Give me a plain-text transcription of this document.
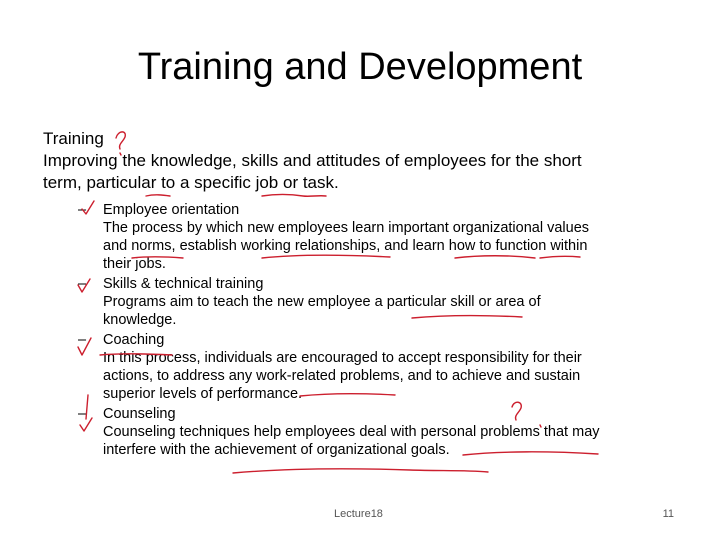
Training and Development
Training
Improving the knowledge, skills and attitudes of employees for the short
term, particular to a specific job or task.
– Employee orientation
The process by which new employees learn important organizational values
and norms, establish working relationships, and learn how to function within
their jobs.
– Skills & technical training
Programs aim to teach the new employee a particular skill or area of
knowledge.
– Coaching
In this process, individuals are encouraged to accept responsibility for their
actions, to address any work-related problems, and to achieve and sustain
superior levels of performance.
– Counseling
Counseling techniques help employees deal with personal problems that may
interfere with the achievement of organizational goals.
Lecture18	11
